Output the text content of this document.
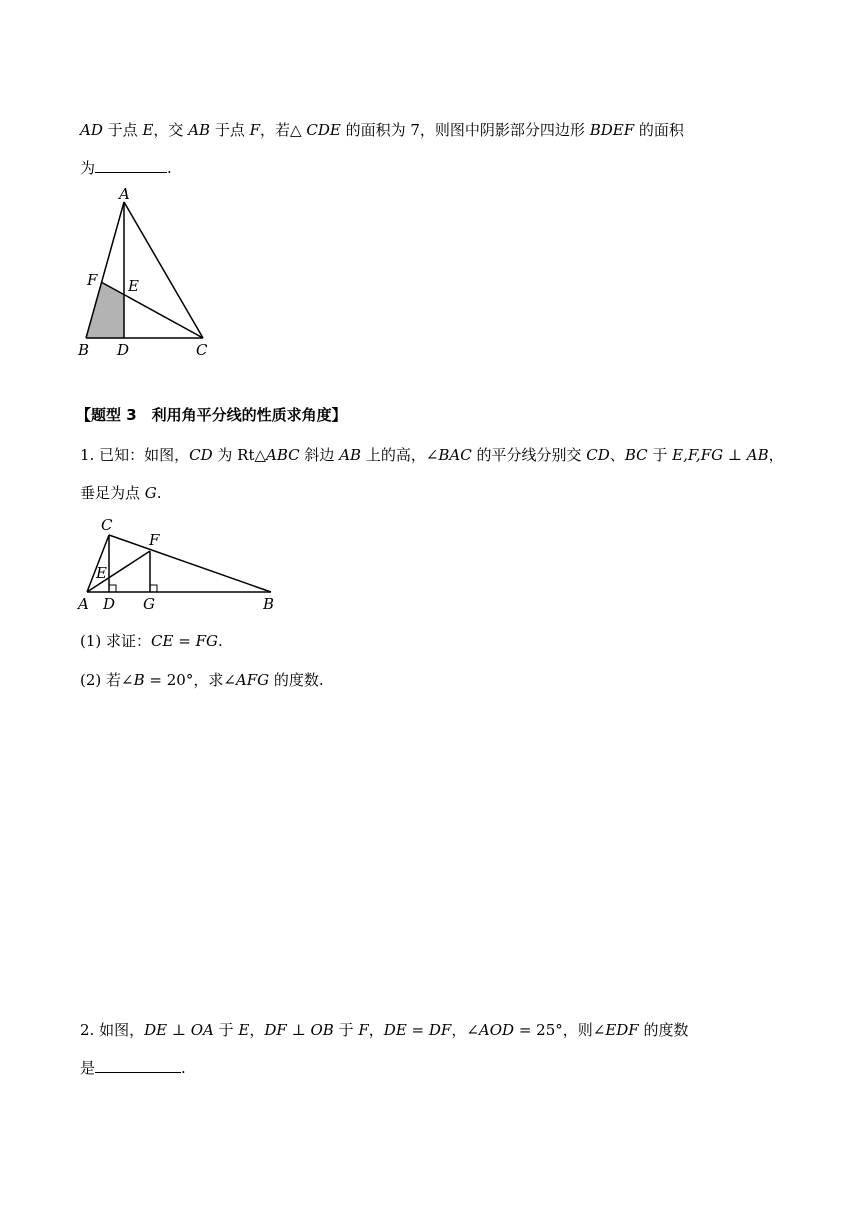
AD 于点 E，交 AB 于点 F，若△ CDE 的面积为 7，则图中阴影部分四边形 BDEF 的面积
为	.
A
F E
B D	C
【题型 3　利用角平分线的性质求角度】
1. 已知：如图，CD 为 Rt△ABC 斜边 AB 上的高，∠BAC 的平分线分别交 CD、BC 于 E,F,FG ⊥ AB，
垂足为点 G.
C
F
E
A D G	B
(1) 求证：CE = FG.
(2) 若∠B = 20°，求∠AFG 的度数.
2. 如图，DE ⊥ OA 于 E，DF ⊥ OB 于 F，DE = DF，∠AOD = 25°，则∠EDF 的度数
是	.
